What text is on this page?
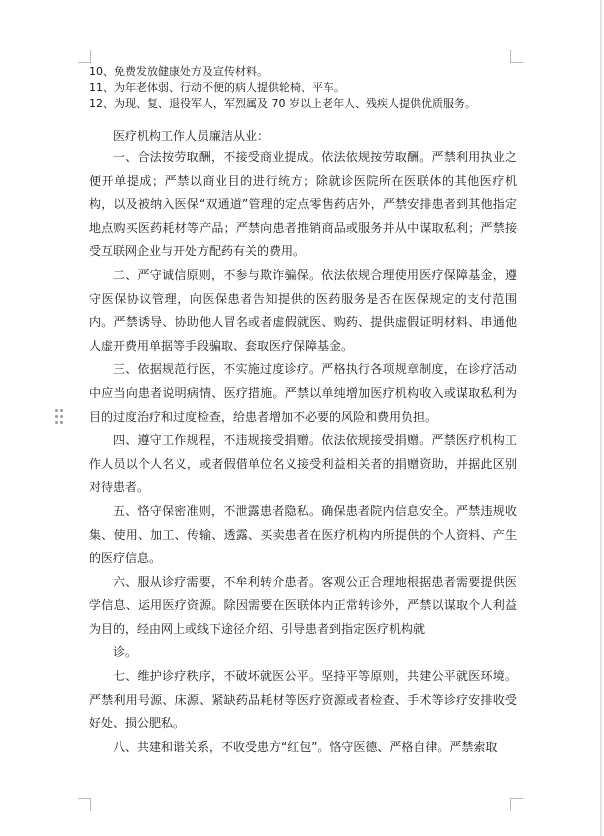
10、免费发放健康处方及宣传材料。

11、为年老体弱、行动不便的病人提供轮椅、平车。

12、为现、复、退役军人，军烈属及 70 岁以上老年人、残疾人提供优质服务。

医疗机构工作人员廉洁从业：

一、合法按劳取酬，不接受商业提成。依法依规按劳取酬。严禁利用执业之便开单提成；严禁以商业目的进行统方；除就诊医院所在医联体的其他医疗机构，以及被纳入医保“双通道”管理的定点零售药店外，严禁安排患者到其他指定地点购买医药耗材等产品；严禁向患者推销商品或服务并从中谋取私利；严禁接受互联网企业与开处方配药有关的费用。

二、严守诚信原则，不参与欺诈骗保。依法依规合理使用医疗保障基金，遵守医保协议管理，向医保患者告知提供的医药服务是否在医保规定的支付范围内。严禁诱导、协助他人冒名或者虚假就医、购药、提供虚假证明材料、串通他人虚开费用单据等手段骗取、套取医疗保障基金。

三、依据规范行医，不实施过度诊疗。严格执行各项规章制度，在诊疗活动中应当向患者说明病情、医疗措施。严禁以单纯增加医疗机构收入或谋取私利为目的过度治疗和过度检查，给患者增加不必要的风险和费用负担。

四、遵守工作规程，不违规接受捐赠。依法依规接受捐赠。严禁医疗机构工作人员以个人名义，或者假借单位名义接受利益相关者的捐赠资助，并据此区别对待患者。

五、恪守保密准则，不泄露患者隐私。确保患者院内信息安全。严禁违规收集、使用、加工、传输、透露、买卖患者在医疗机构内所提供的个人资料、产生的医疗信息。

六、服从诊疗需要，不牟利转介患者。客观公正合理地根据患者需要提供医学信息、运用医疗资源。除因需要在医联体内正常转诊外，严禁以谋取个人利益为目的，经由网上或线下途径介绍、引导患者到指定医疗机构就

诊。

七、维护诊疗秩序，不破坏就医公平。坚持平等原则，共建公平就医环境。严禁利用号源、床源、紧缺药品耗材等医疗资源或者检查、手术等诊疗安排收受好处、损公肥私。

八、共建和谐关系，不收受患方“红包”。恪守医德、严格自律。严禁索取
